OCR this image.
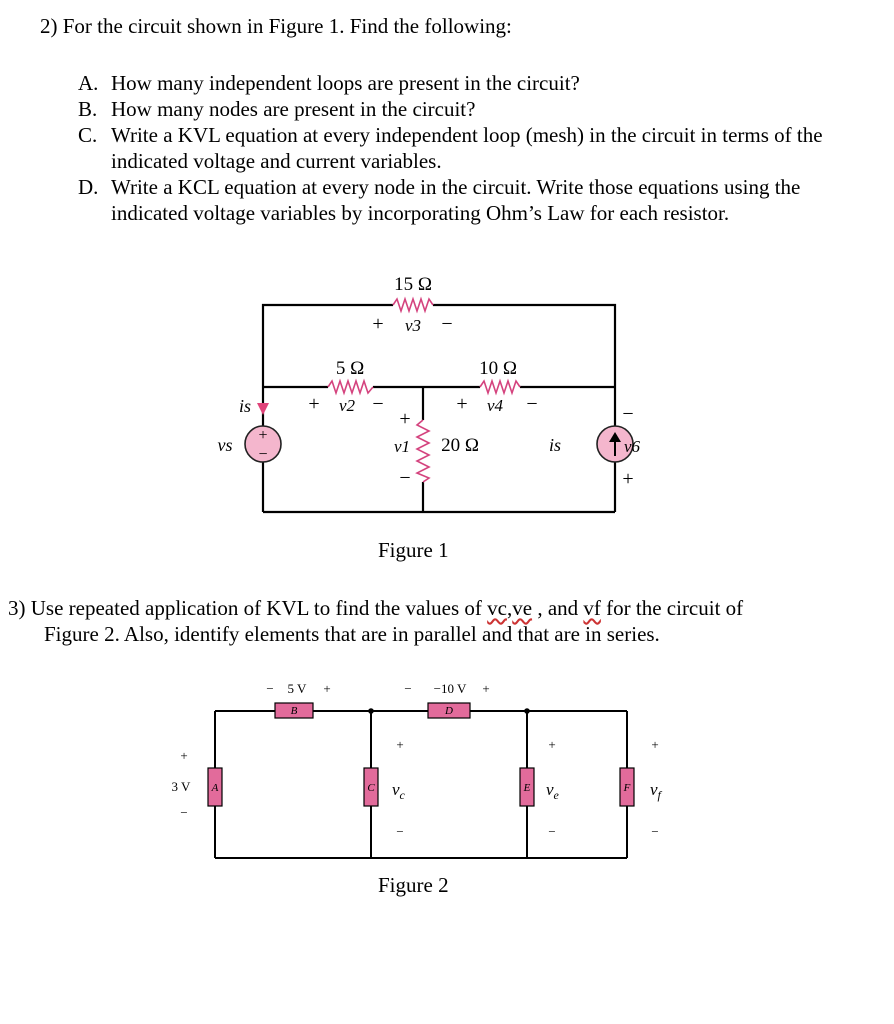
2) For the circuit shown in Figure 1. Find the following:
A. How many independent loops are present in the circuit?
B. How many nodes are present in the circuit?
C. Write a KVL equation at every independent loop (mesh) in the circuit in terms of the indicated voltage and current variables.
D. Write a KCL equation at every node in the circuit. Write those equations using the indicated voltage variables by incorporating Ohm’s Law for each resistor.
+
−
15 Ω
+ v3 −
5 Ω
+ v2 −
10 Ω
+ v4 −
+
v1
−
20 Ω
is
vs	is
−
v6
+
B	D
A	C	E	F
− 5 V +	− −10 V +
+
3 V
−
+
−
+
−
+
−
$v_c$	$v_e$	$v_f$
Figure 1
3) Use repeated application of KVL to find the values of vc,ve , and vf for the circuit of
Figure 2. Also, identify elements that are in parallel and that are in series.
Figure 2
